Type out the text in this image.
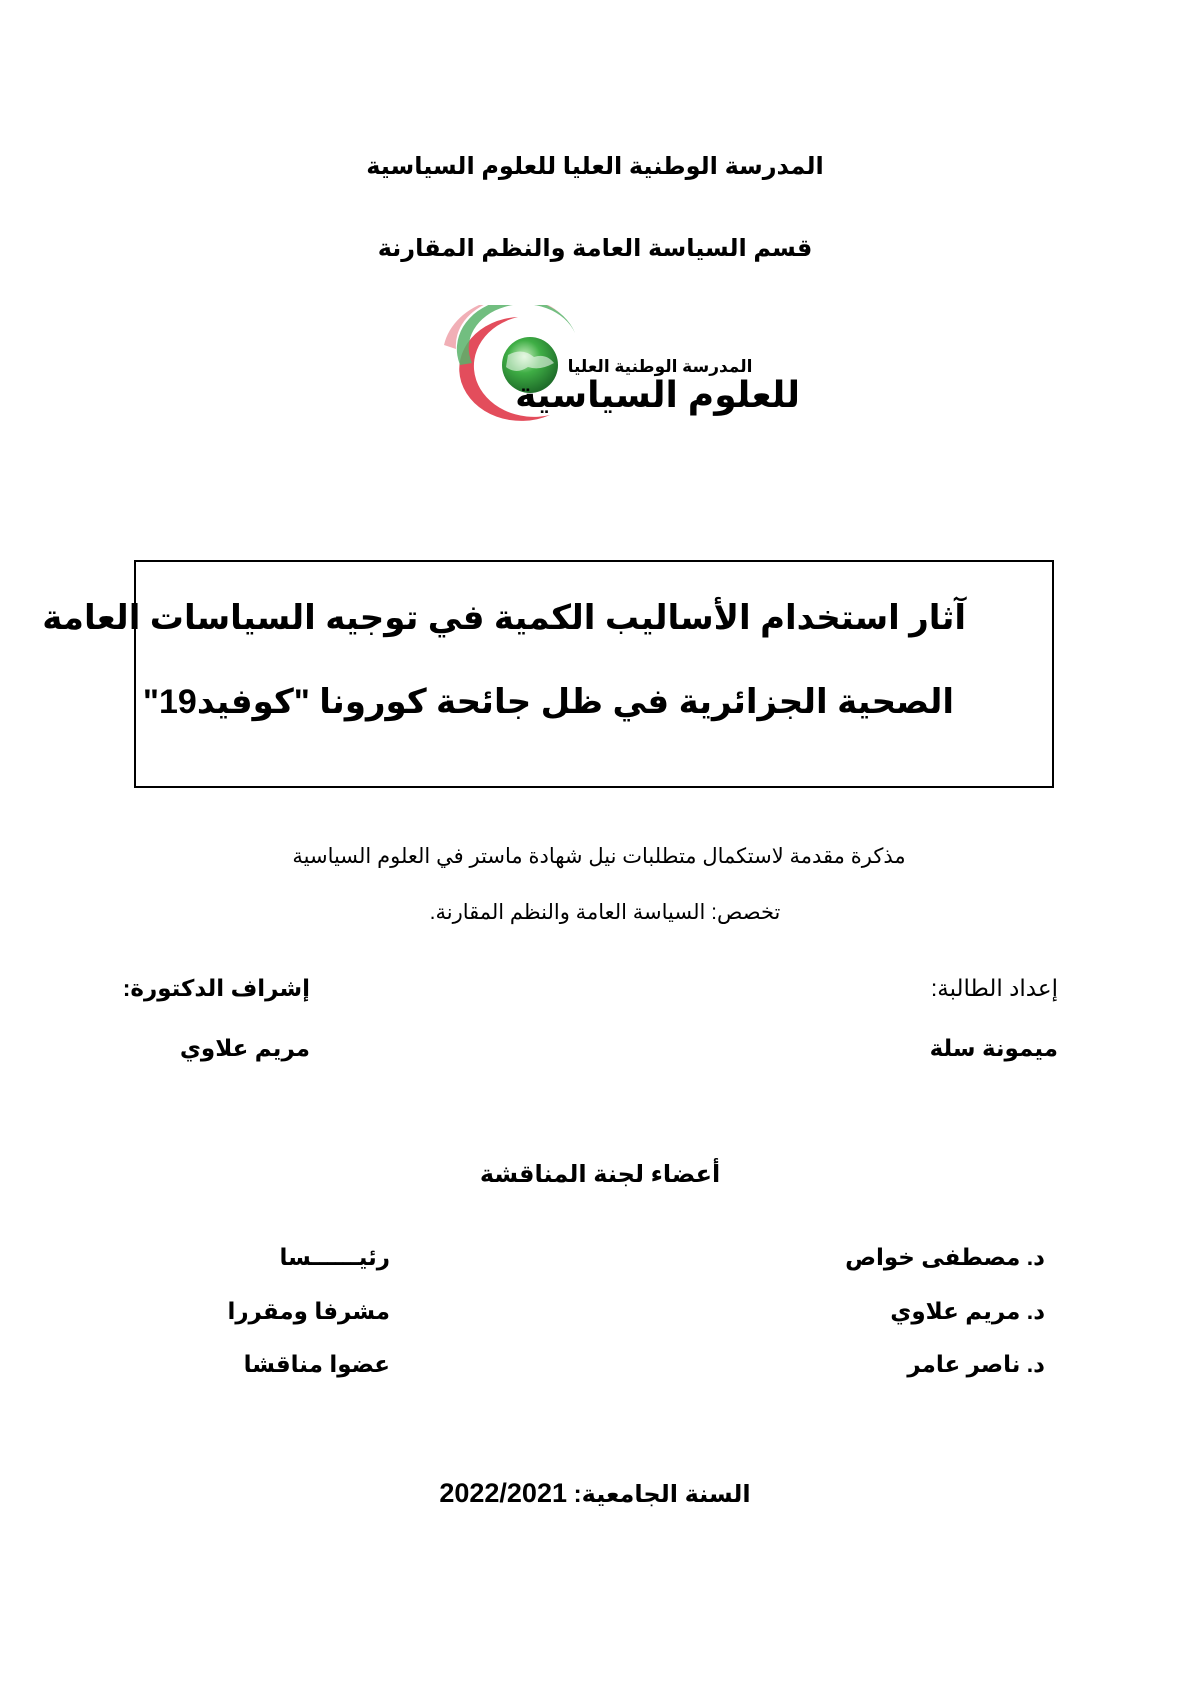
المدرسة الوطنية العليا للعلوم السياسية
قسم السياسة العامة والنظم المقارنة
المدرسة الوطنية العليا
للعلوم السياسية
آثار استخدام الأساليب الكمية في توجيه السياسات العامة
الصحية الجزائرية في ظل جائحة كورونا "كوفيد19"
مذكرة مقدمة لاستكمال متطلبات نيل شهادة ماستر في العلوم السياسية
تخصص: السياسة العامة والنظم المقارنة.
إعداد الطالبة:
ميمونة سلة
إشراف الدكتورة:
مريم علاوي
أعضاء لجنة المناقشة
د. مصطفى خواص
رئيــــــسا
د. مريم علاوي
مشرفا ومقررا
د. ناصر عامر
عضوا مناقشا
السنة الجامعية: 2022/2021
